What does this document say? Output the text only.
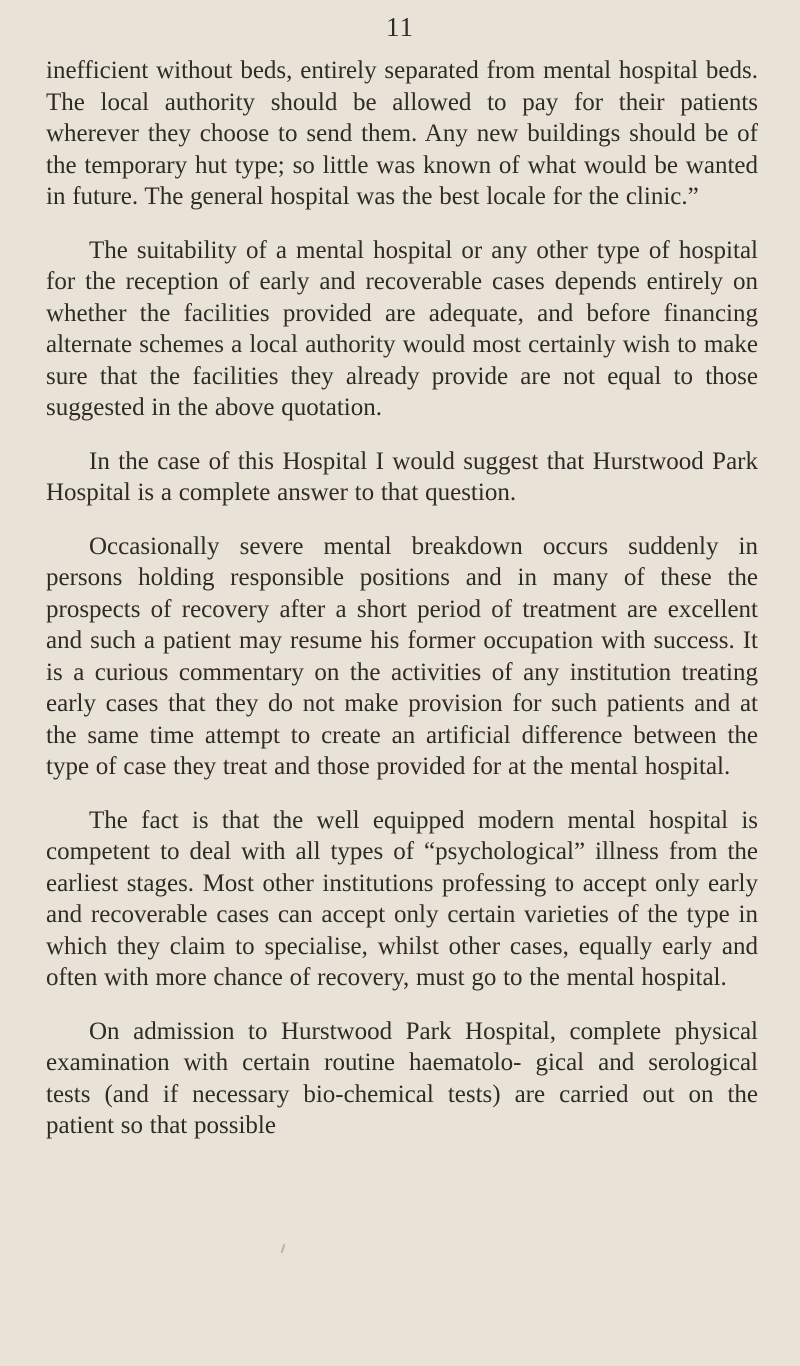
11

inefficient without beds, entirely separated from mental hospital beds. The local authority should be allowed to pay for their patients wherever they choose to send them. Any new buildings should be of the temporary hut type; so little was known of what would be wanted in future. The general hospital was the best locale for the clinic.”

The suitability of a mental hospital or any other type of hospital for the reception of early and recoverable cases depends entirely on whether the facilities provided are adequate, and before financing alternate schemes a local authority would most certainly wish to make sure that the facilities they already provide are not equal to those suggested in the above quotation.

In the case of this Hospital I would suggest that Hurstwood Park Hospital is a complete answer to that question.

Occasionally severe mental breakdown occurs suddenly in persons holding responsible positions and in many of these the prospects of recovery after a short period of treatment are excellent and such a patient may resume his former occupation with success. It is a curious commentary on the activities of any institution treating early cases that they do not make provision for such patients and at the same time attempt to create an artificial difference between the type of case they treat and those provided for at the mental hospital.

The fact is that the well equipped modern mental hospital is competent to deal with all types of “psychological” illness from the earliest stages. Most other institutions professing to accept only early and recoverable cases can accept only certain varieties of the type in which they claim to specialise, whilst other cases, equally early and often with more chance of recovery, must go to the mental hospital.

On admission to Hurstwood Park Hospital, complete physical examination with certain routine haematolo- gical and serological tests (and if necessary bio-chemical tests) are carried out on the patient so that possible
